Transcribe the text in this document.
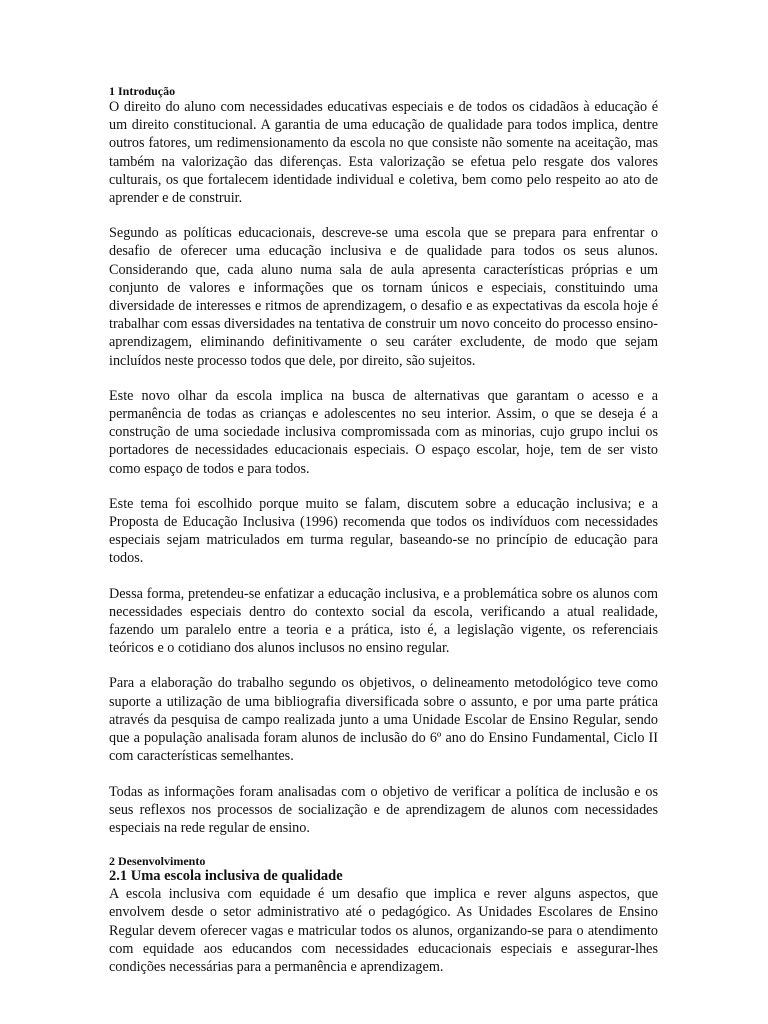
1 Introdução

O direito do aluno com necessidades educativas especiais e de todos os cidadãos à educação é um direito constitucional. A garantia de uma educação de qualidade para todos implica, dentre outros fatores, um redimensionamento da escola no que consiste não somente na aceitação, mas também na valorização das diferenças. Esta valorização se efetua pelo resgate dos valores culturais, os que fortalecem identidade individual e coletiva, bem como pelo respeito ao ato de aprender e de construir.

Segundo as políticas educacionais, descreve-se uma escola que se prepara para enfrentar o desafio de oferecer uma educação inclusiva e de qualidade para todos os seus alunos. Considerando que, cada aluno numa sala de aula apresenta características próprias e um conjunto de valores e informações que os tornam únicos e especiais, constituindo uma diversidade de interesses e ritmos de aprendizagem, o desafio e as expectativas da escola hoje é trabalhar com essas diversidades na tentativa de construir um novo conceito do processo ensino-aprendizagem, eliminando definitivamente o seu caráter excludente, de modo que sejam incluídos neste processo todos que dele, por direito, são sujeitos.

Este novo olhar da escola implica na busca de alternativas que garantam o acesso e a permanência de todas as crianças e adolescentes no seu interior. Assim, o que se deseja é a construção de uma sociedade inclusiva compromissada com as minorias, cujo grupo inclui os portadores de necessidades educacionais especiais. O espaço escolar, hoje, tem de ser visto como espaço de todos e para todos.

Este tema foi escolhido porque muito se falam, discutem sobre a educação inclusiva; e a Proposta de Educação Inclusiva (1996) recomenda que todos os indivíduos com necessidades especiais sejam matriculados em turma regular, baseando-se no princípio de educação para todos.

Dessa forma, pretendeu-se enfatizar a educação inclusiva, e a problemática sobre os alunos com necessidades especiais dentro do contexto social da escola, verificando a atual realidade, fazendo um paralelo entre a teoria e a prática, isto é, a legislação vigente, os referenciais teóricos e o cotidiano dos alunos inclusos no ensino regular.

Para a elaboração do trabalho segundo os objetivos, o delineamento metodológico teve como suporte a utilização de uma bibliografia diversificada sobre o assunto, e por uma parte prática através da pesquisa de campo realizada junto a uma Unidade Escolar de Ensino Regular, sendo que a população analisada foram alunos de inclusão do 6º ano do Ensino Fundamental, Ciclo II com características semelhantes.

Todas as informações foram analisadas com o objetivo de verificar a política de inclusão e os seus reflexos nos processos de socialização e de aprendizagem de alunos com necessidades especiais na rede regular de ensino.

2 Desenvolvimento
2.1 Uma escola inclusiva de qualidade

A escola inclusiva com equidade é um desafio que implica e rever alguns aspectos, que envolvem desde o setor administrativo até o pedagógico. As Unidades Escolares de Ensino Regular devem oferecer vagas e matricular todos os alunos, organizando-se para o atendimento com equidade aos educandos com necessidades educacionais especiais e assegurar-lhes condições necessárias para a permanência e aprendizagem.
